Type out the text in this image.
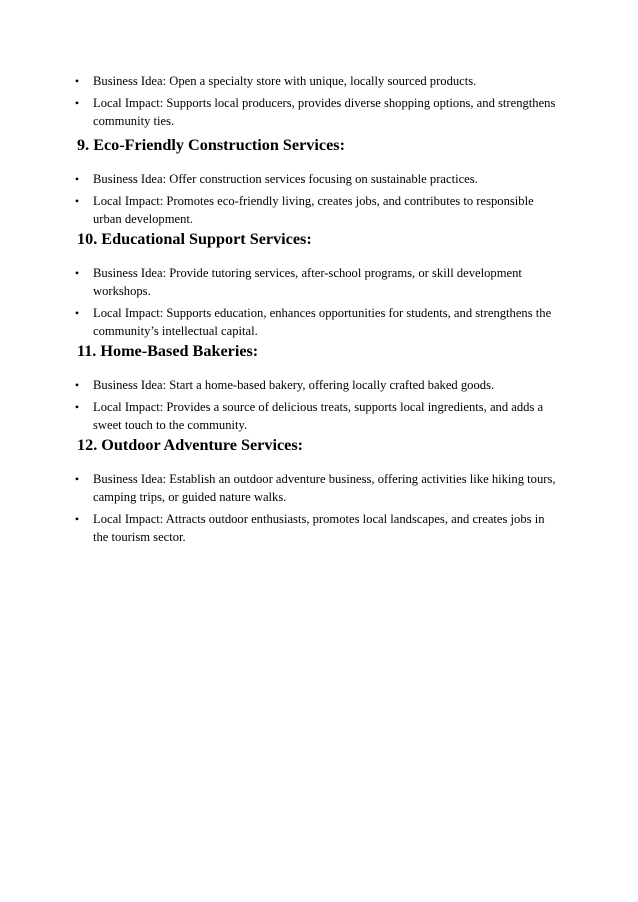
• Business Idea: Open a specialty store with unique, locally sourced products.
• Local Impact: Supports local producers, provides diverse shopping options, and strengthens community ties.
9. Eco-Friendly Construction Services:
• Business Idea: Offer construction services focusing on sustainable practices.
• Local Impact: Promotes eco-friendly living, creates jobs, and contributes to responsible urban development.
10. Educational Support Services:
• Business Idea: Provide tutoring services, after-school programs, or skill development workshops.
• Local Impact: Supports education, enhances opportunities for students, and strengthens the community’s intellectual capital.
11. Home-Based Bakeries:
• Business Idea: Start a home-based bakery, offering locally crafted baked goods.
• Local Impact: Provides a source of delicious treats, supports local ingredients, and adds a sweet touch to the community.
12. Outdoor Adventure Services:
• Business Idea: Establish an outdoor adventure business, offering activities like hiking tours, camping trips, or guided nature walks.
• Local Impact: Attracts outdoor enthusiasts, promotes local landscapes, and creates jobs in the tourism sector.
